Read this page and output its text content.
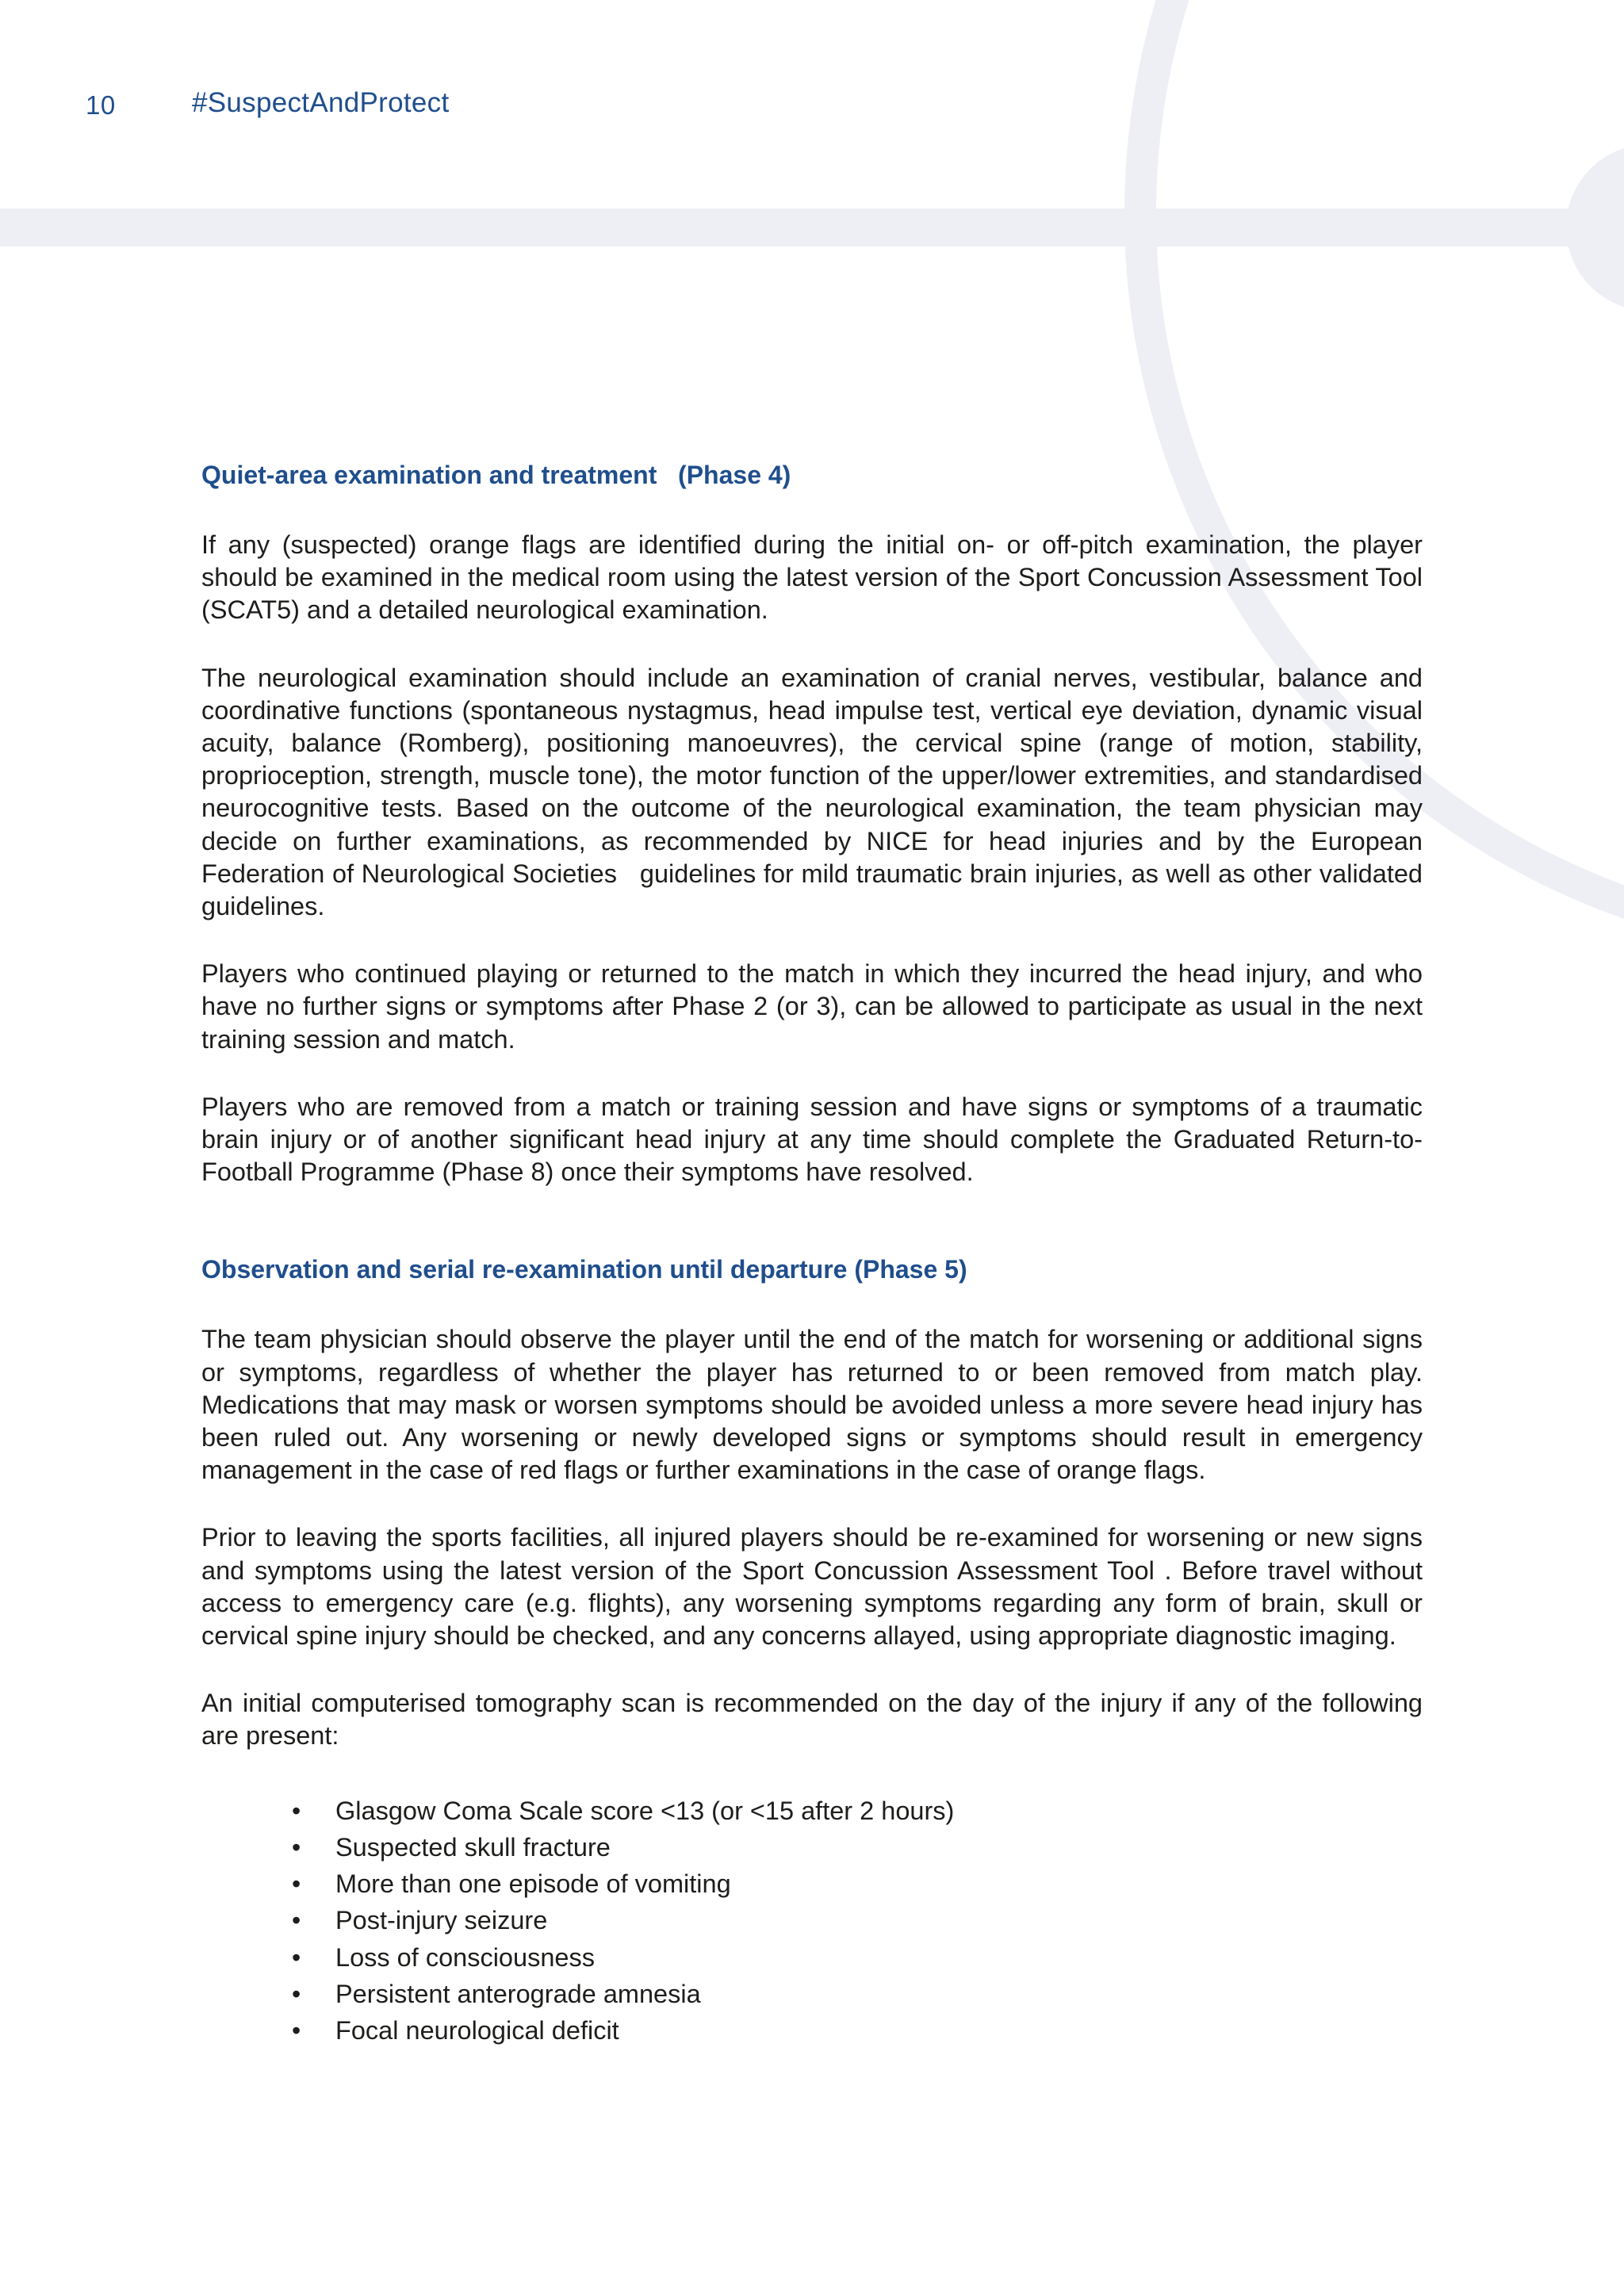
10	#SuspectAndProtect
Quiet-area examination and treatment   (Phase 4)

If any (suspected) orange flags are identified during the initial on- or off-pitch examination, the player should be examined in the medical room using the latest version of the Sport Concussion Assessment Tool (SCAT5) and a detailed neurological examination.

The neurological examination should include an examination of cranial nerves, vestibular, balance and coordinative functions (spontaneous nystagmus, head impulse test, vertical eye deviation, dynamic visual acuity, balance (Romberg), positioning manoeuvres), the cervical spine (range of motion, stability, proprioception, strength, muscle tone), the motor function of the upper/lower extremities, and standardised neurocognitive tests. Based on the outcome of the neurological examination, the team physician may decide on further examinations, as recommended by NICE for head injuries and by the European Federation of Neurological Societies   guidelines for mild traumatic brain injuries, as well as other validated guidelines.

Players who continued playing or returned to the match in which they incurred the head injury, and who have no further signs or symptoms after Phase 2 (or 3), can be allowed to participate as usual in the next training session and match.

Players who are removed from a match or training session and have signs or symptoms of a traumatic brain injury or of another significant head injury at any time should complete the Graduated Return-to-  Football Programme (Phase 8) once their symptoms have resolved.

Observation and serial re-examination until departure (Phase 5)

The team physician should observe the player until the end of the match for worsening or additional signs or symptoms, regardless of whether the player has returned to or been removed from match play. Medications that may mask or worsen symptoms should be avoided unless a more severe head injury has been ruled out. Any worsening or newly developed signs or symptoms should result in emergency management in the case of red flags or further examinations in the case of orange flags.

Prior to leaving the sports facilities, all injured players should be re-examined for worsening or new signs and symptoms using the latest version of the Sport Concussion Assessment Tool . Before travel without access to emergency care (e.g. flights), any worsening symptoms regarding any form of brain, skull or cervical spine injury should be checked, and any concerns allayed, using appropriate diagnostic imaging.

An initial computerised tomography scan is recommended on the day of the injury if any of the following are present:

• Glasgow Coma Scale score <13 (or <15 after 2 hours)
• Suspected skull fracture
• More than one episode of vomiting
• Post-injury seizure
• Loss of consciousness
• Persistent anterograde amnesia
• Focal neurological deficit
